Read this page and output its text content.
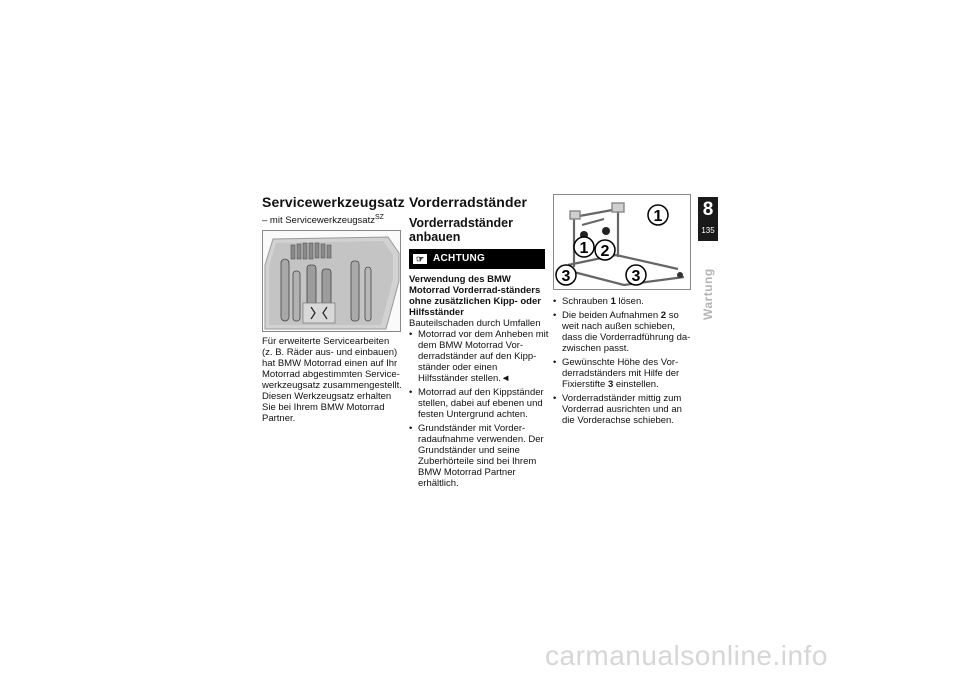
Servicewerkzeugsatz
– mit Servicewerkzeugsatz$^{SZ}$

Für erweiterte Servicearbeiten (z. B. Räder aus- und einbauen) hat BMW Motorrad einen auf Ihr Motorrad abgestimmten Service-werkzeugsatz zusammengestellt. Diesen Werkzeugsatz erhalten Sie bei Ihrem BMW Motorrad Partner.

Vorderradständer
Vorderradständer anbauen
☞ ACHTUNG
Verwendung des BMW Motorrad Vorderrad-ständers ohne zusätzlichen Kipp- oder Hilfsständer

Bauteilschaden durch Umfallen

• Motorrad vor dem Anheben mit dem BMW Motorrad Vor-derradständer auf den Kipp-ständer oder einen Hilfsständer stellen.◄
• Motorrad auf den Kippständer stellen, dabei auf ebenen und festen Untergrund achten.
• Grundständer mit Vorder-radaufnahme verwenden. Der Grundständer und seine Zuberhörteile sind bei Ihrem BMW Motorrad Partner erhältlich.
1
1 2
3	3
• Schrauben 1 lösen.
• Die beiden Aufnahmen 2 so weit nach außen schieben, dass die Vorderradführung da-zwischen passt.
• Gewünschte Höhe des Vor-derradständers mit Hilfe der Fixierstifte 3 einstellen.
• Vorderradständer mittig zum Vorderrad ausrichten und an die Vorderachse schieben.
8
135
Wartung
carmanualsonline.info
